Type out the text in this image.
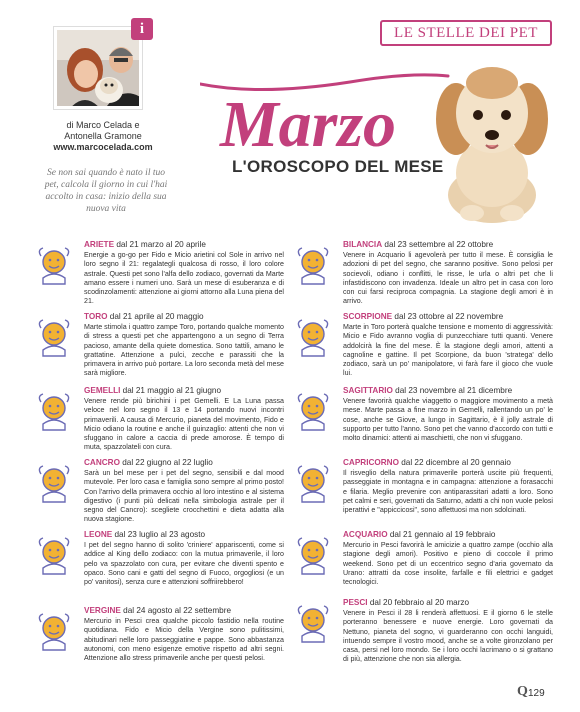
LE STELLE DEI PET
i
di Marco Celada e
Antonella Gramone
www.marcocelada.com
Se non sai quando è nato il tuo pet, calcola il giorno in cui l'hai accolto in casa: inizio della sua nuova vita
Marzo
L'OROSCOPO DEL MESE
ARIETE dal 21 marzo al 20 aprile
Energie a go-go per Fido e Micio arietini col Sole in arrivo nel loro segno il 21: regalategli qualcosa di rosso, il loro colore astrale. Questi pet sono l'alfa dello zodiaco, governati da Marte amano essere i numeri uno. Sarà un mese di esuberanza e di scodinzolamenti: attenzione ai giorni attorno alla Luna piena del 21.
TORO dal 21 aprile al 20 maggio
Marte stimola i quattro zampe Toro, portando qualche momento di stress a questi pet che appartengono a un segno di Terra pacioso, amante della quiete domestica. Sono tattili, amano le grattatine. Attenzione a pulci, zecche e parassiti che la primavera in arrivo può portare. La loro seconda metà del mese sarà migliore.
GEMELLI dal 21 maggio al 21 giugno
Venere rende più birichini i pet Gemelli. E La Luna passa veloce nel loro segno il 13 e 14 portando nuovi incontri primaverili. A causa di Mercurio, pianeta del movimento, Fido e Micio odiano la routine e anche il guinzaglio: attenti che non vi sfuggano in calore a caccia di prede amorose. È tempo di muta, spazzolateli con cura.
CANCRO dal 22 giugno al 22 luglio
Sarà un bel mese per i pet del segno, sensibili e dal mood mutevole. Per loro casa e famiglia sono sempre al primo posto! Con l'arrivo della primavera occhio al loro intestino e al sistema digestivo (i punti più delicati nella simbologia astrale per il segno del Cancro): scegliete crocchettini e dieta adatta alla nuova stagione.
LEONE dal 23 luglio al 23 agosto
I pet del segno hanno di solito 'criniere' appariscenti, come si addice al King dello zodiaco: con la mutua primaverile, il loro pelo va spazzolato con cura, per evitare che diventi spento e opaco. Sono cani e gatti del segno di Fuoco, orgogliosi (e un po' vanitosi), senza cure e attenzioni soffriirebbero!
VERGINE dal 24 agosto al 22 settembre
Mercurio in Pesci crea qualche piccolo fastidio nella routine quotidiana. Fido e Micio della Vergine sono pulitissimi, abitudinari nelle loro passeggiatine e pappe. Sono abbastanza autonomi, con meno esigenze emotive rispetto ad altri segni. Attenzione allo stress primaverile anche per questi pelosi.
BILANCIA dal 23 settembre al 22 ottobre
Venere in Acquario li agevolerà per tutto il mese. È consiglia le adozioni di pet del segno, che saranno positive. Sono pelosi per socievoli, odiano i conflitti, le risse, le urla o altri pet che li infastidiscono con invadenza. Ideale un altro pet in casa con loro con cui farsi reciproca compagnia. La stagione degli amori è in arrivo.
SCORPIONE dal 23 ottobre al 22 novembre
Marte in Toro porterà qualche tensione e momento di aggressività: Micio e Fido avranno voglia di punzecchiare tutti quanti. Venere addolcirà la fine del mese. È la stagione degli amori, attenti a cagnoline e gattine. Il pet Scorpione, da buon 'stratega' dello zodiaco, sarà un po' manipolatore, vi farà fare il gioco che vuole lui.
SAGITTARIO dal 23 novembre al 21 dicembre
Venere favorirà qualche viaggetto o maggiore movimento a metà mese. Marte passa a fine marzo in Gemelli, rallentando un po' le cose, anche se Giove, a lungo in Sagittario, è il jolly astrale di supporto per tutto l'anno. Sono pet che vanno d'accordo con tutti e molto dinamici: attenti ai maschietti, che non vi sfuggano.
CAPRICORNO dal 22 dicembre al 20 gennaio
Il risveglio della natura primaverile porterà uscite più frequenti, passeggiate in montagna e in campagna: attenzione a forasacchi e filaria. Meglio prevenire con antiparassitari adatti a loro. Sono pet calmi e seri, governati da Saturno, adatti a chi non vuole pelosi iperattivi e "appiccicosi", sono affettuosi ma non sdolcinati.
ACQUARIO dal 21 gennaio al 19 febbraio
Mercurio in Pesci favorirà le amicizie a quattro zampe (occhio alla stagione degli amori). Positivo e pieno di coccole il primo weekend. Sono pet di un eccentrico segno d'aria governato da Urano: attratti da cose insolite, farfalle e fili elettrici e gadget tecnologici.
PESCI dal 20 febbraio al 20 marzo
Venere in Pesci il 28 li renderà affettuosi. E il giorno 6 le stelle porteranno benessere e nuove energie. Loro governati da Nettuno, pianeta del sogno, vi guarderanno con occhi languidi, intuendo sempre il vostro mood, anche se a volte gironzolano per casa, persi nel loro mondo. Se i loro occhi lacrimano o si grattano di più, attenzione che non sia allergia.
Q 129
